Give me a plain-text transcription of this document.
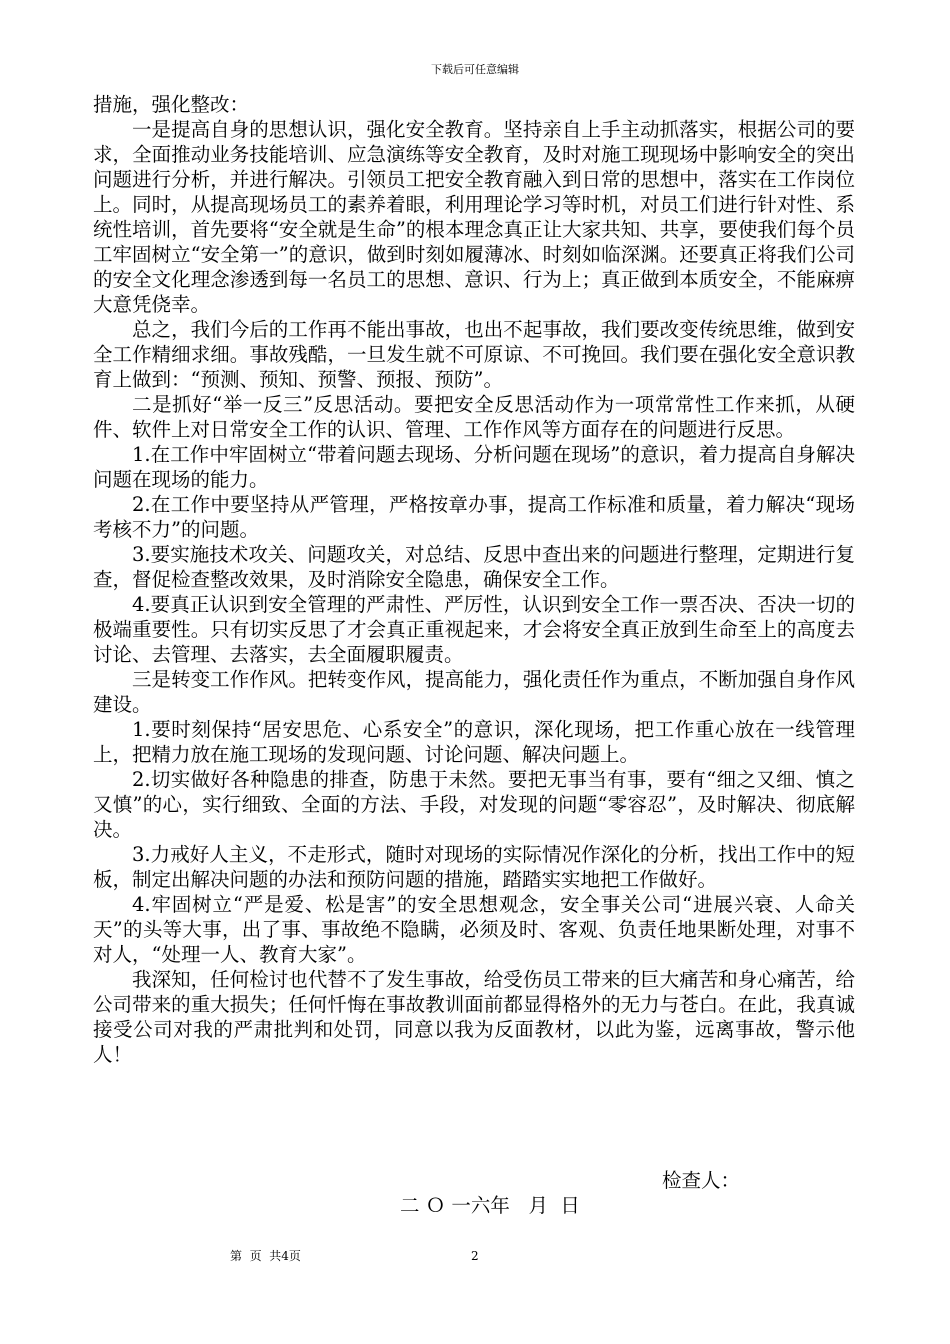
下载后可任意编辑

措施，强化整改：

一是提高自身的思想认识，强化安全教育。坚持亲自上手主动抓落实，根据公司的要求，全面推动业务技能培训、应急演练等安全教育，及时对施工现现场中影响安全的突出问题进行分析，并进行解决。引领员工把安全教育融入到日常的思想中，落实在工作岗位上。同时，从提高现场员工的素养着眼，利用理论学习等时机，对员工们进行针对性、系统性培训，首先要将“安全就是生命”的根本理念真正让大家共知、共享，要使我们每个员工牢固树立“安全第一”的意识，做到时刻如履薄冰、时刻如临深渊。还要真正将我们公司的安全文化理念渗透到每一名员工的思想、意识、行为上；真正做到本质安全，不能麻痹大意凭侥幸。

总之，我们今后的工作再不能出事故，也出不起事故，我们要改变传统思维，做到安全工作精细求细。事故残酷，一旦发生就不可原谅、不可挽回。我们要在强化安全意识教育上做到：“预测、预知、预警、预报、预防”。

二是抓好“举一反三”反思活动。要把安全反思活动作为一项常常性工作来抓，从硬件、软件上对日常安全工作的认识、管理、工作作风等方面存在的问题进行反思。

1.在工作中牢固树立“带着问题去现场、分析问题在现场”的意识，着力提高自身解决问题在现场的能力。

2.在工作中要坚持从严管理，严格按章办事，提高工作标准和质量，着力解决“现场考核不力”的问题。

3.要实施技术攻关、问题攻关，对总结、反思中查出来的问题进行整理，定期进行复查，督促检查整改效果，及时消除安全隐患，确保安全工作。

4.要真正认识到安全管理的严肃性、严厉性，认识到安全工作一票否决、否决一切的极端重要性。只有切实反思了才会真正重视起来，才会将安全真正放到生命至上的高度去讨论、去管理、去落实，去全面履职履责。

三是转变工作作风。把转变作风，提高能力，强化责任作为重点，不断加强自身作风建设。

1.要时刻保持“居安思危、心系安全”的意识，深化现场，把工作重心放在一线管理上，把精力放在施工现场的发现问题、讨论问题、解决问题上。

2.切实做好各种隐患的排查，防患于未然。要把无事当有事，要有“细之又细、慎之又慎”的心，实行细致、全面的方法、手段，对发现的问题“零容忍”，及时解决、彻底解决。

3.力戒好人主义，不走形式，随时对现场的实际情况作深化的分析，找出工作中的短板，制定出解决问题的办法和预防问题的措施，踏踏实实地把工作做好。

4.牢固树立“严是爱、松是害”的安全思想观念，安全事关公司“进展兴衰、人命关天”的头等大事，出了事、事故绝不隐瞒，必须及时、客观、负责任地果断处理，对事不对人，“处理一人、教育大家”。

我深知，任何检讨也代替不了发生事故，给受伤员工带来的巨大痛苦和身心痛苦，给公司带来的重大损失；任何忏悔在事故教训面前都显得格外的无力与苍白。在此，我真诚接受公司对我的严肃批判和处罚，同意以我为反面教材，以此为鉴，远离事故，警示他人！

检查人：
二 Ｏ 一六年   月  日
第  页  共4页	2
